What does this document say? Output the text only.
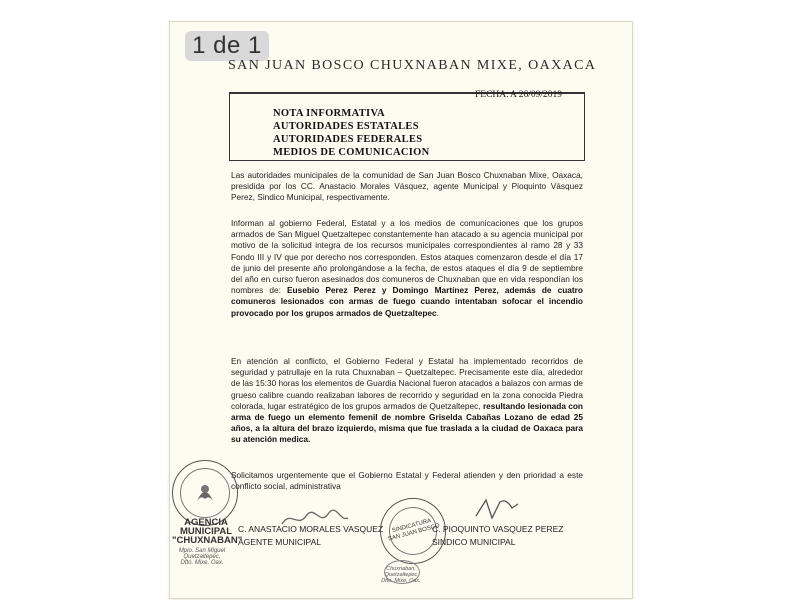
1 de 1
SAN JUAN BOSCO CHUXNABAN MIXE, OAXACA
NOTA INFORMATIVA
AUTORIDADES ESTATALES
AUTORIDADES FEDERALES
MEDIOS DE COMUNICACION
FECHA: A 26/09/2019

Las autoridades municipales de la comunidad de San Juan Bosco Chuxnaban Mixe, Oaxaca, presidida por los CC. Anastacio Morales Vásquez, agente Municipal y Pioquinto Vásquez Perez, Sindico Municipal, respectivamente.

Informan al gobierno Federal, Estatal y a los medios de comunicaciones que los grupos armados de San Miguel Quetzaltepec constantemente han atacado a su agencia municipal por motivo de la solicitud integra de los recursos municipales correspondientes al ramo 28 y 33 Fondo III y IV que por derecho nos corresponden. Estos ataques comenzaron desde el día 17 de junio del presente año prolongándose a la fecha, de estos ataques el día 9 de septiembre del año en curso fueron asesinados dos comuneros de Chuxnaban que en vida respondían los nombres de: Eusebio Perez Perez y Domingo Martínez Perez, además de cuatro comuneros lesionados con armas de fuego cuando intentaban sofocar el incendio provocado por los grupos armados de Quetzaltepec.

En atención al conflicto, el Gobierno Federal y Estatal ha implementado recorridos de seguridad y patrullaje en la ruta Chuxnaban – Quetzaltepec. Precisamente este día, alrededor de las 15:30 horas los elementos de Guardia Nacional fueron atacados a balazos con armas de grueso calibre cuando realizaban labores de recorrido y seguridad en la zona conocida Piedra colorada, lugar estratégico de los grupos armados de Quetzaltepec, resultando lesionada con arma de fuego un elemento femenil de nombre Griselda Cabañas Lozano de edad 25 años, a la altura del brazo izquierdo, misma que fue traslada a la ciudad de Oaxaca para su atención medica.

Solicitamos urgentemente que el Gobierno Estatal y Federal atienden y den prioridad a este conflicto social, administrativa

AGENCIA
MUNICIPAL
"CHUXNABAN"
Mpio. San Miguel
Quetzaltepec,
Dtto. Mixe, Oax.
C. ANASTACIO MORALES VASQUEZ
AGENTE MUNICIPAL
SINDICATURA
SAN JUAN BOSCO
C. PIOQUINTO VASQUEZ PEREZ
SINDICO MUNICIPAL
Chuxnaban,
Quetzaltepec
Dtto. Mixe, Oax.
